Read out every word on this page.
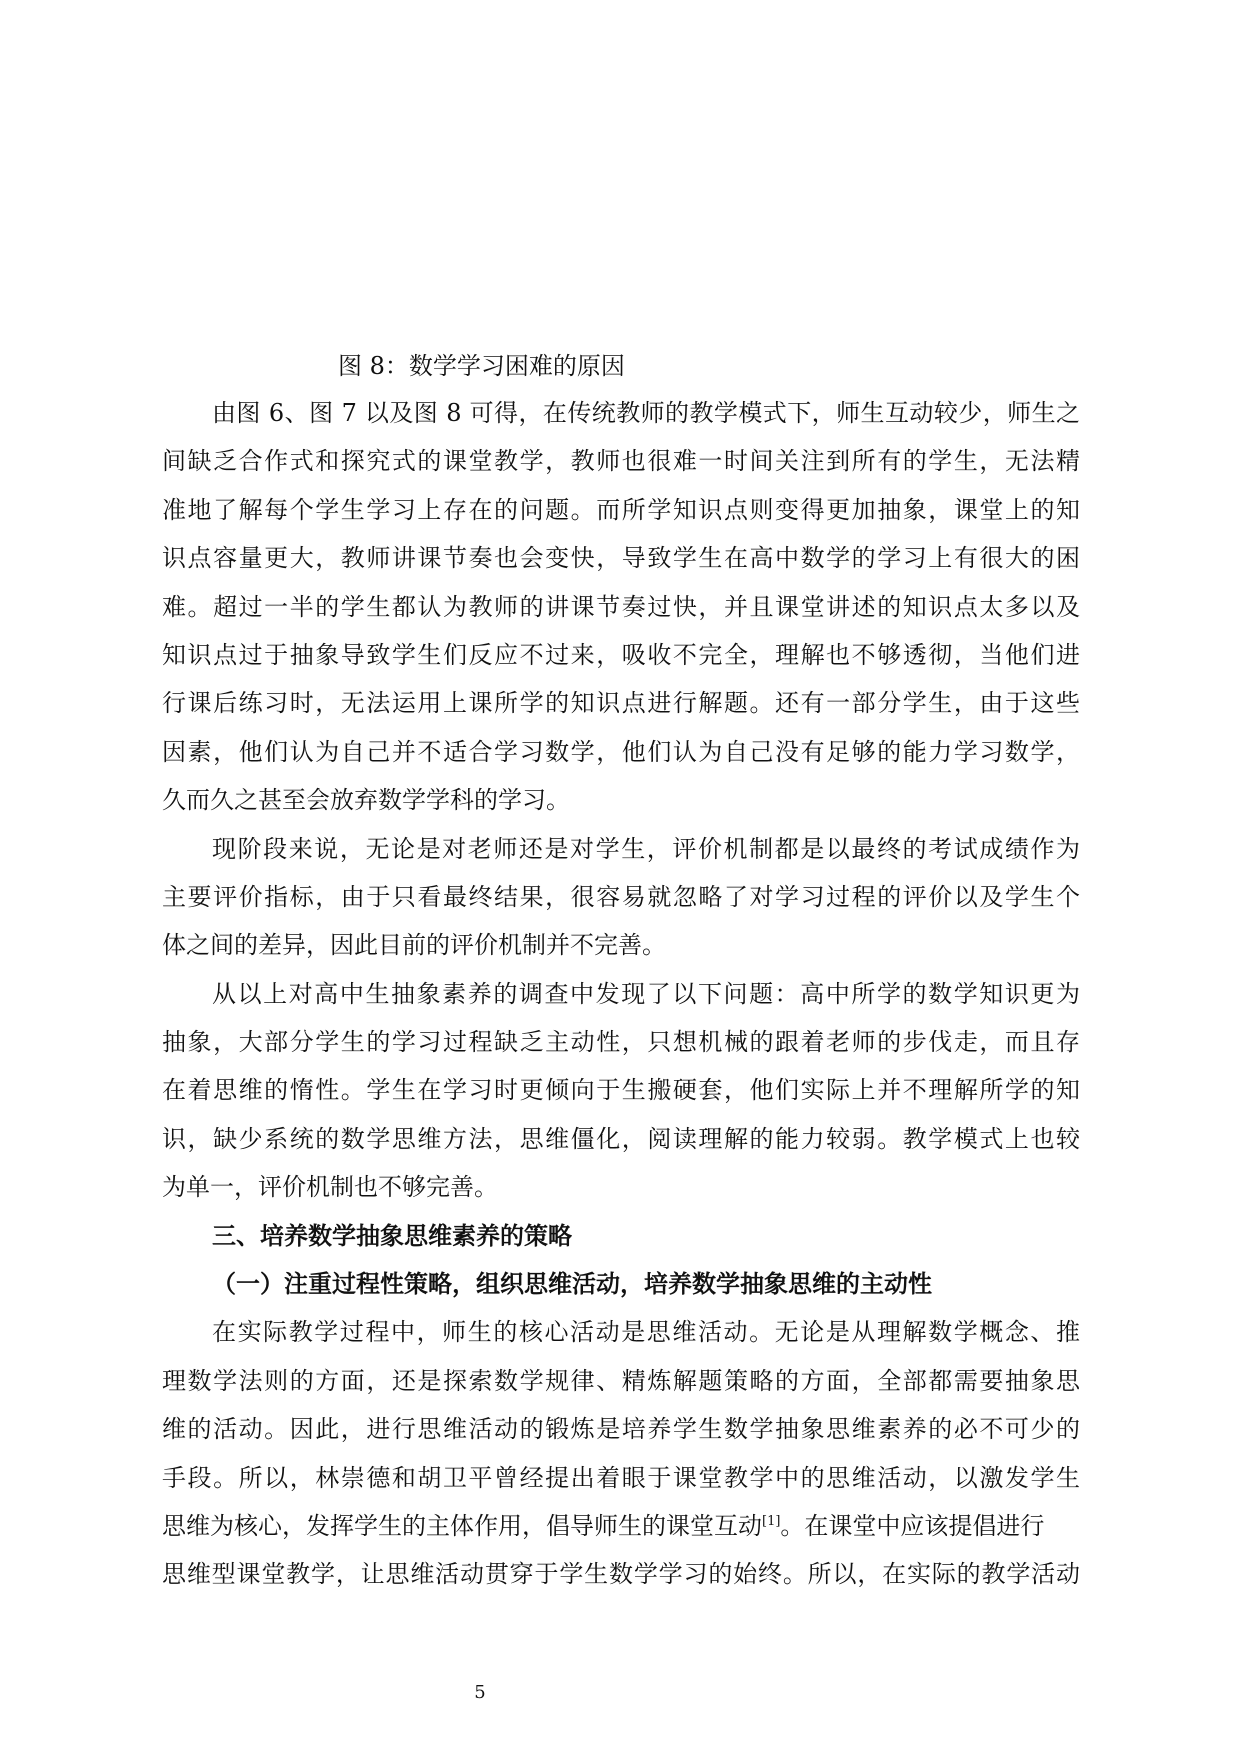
图 8：数学学习困难的原因
由图 6、图 7 以及图 8 可得，在传统教师的教学模式下，师生互动较少，师生之
间缺乏合作式和探究式的课堂教学，教师也很难一时间关注到所有的学生，无法精
准地了解每个学生学习上存在的问题。而所学知识点则变得更加抽象，课堂上的知
识点容量更大，教师讲课节奏也会变快，导致学生在高中数学的学习上有很大的困
难。超过一半的学生都认为教师的讲课节奏过快，并且课堂讲述的知识点太多以及
知识点过于抽象导致学生们反应不过来，吸收不完全，理解也不够透彻，当他们进
行课后练习时，无法运用上课所学的知识点进行解题。还有一部分学生，由于这些
因素，他们认为自己并不适合学习数学，他们认为自己没有足够的能力学习数学，
久而久之甚至会放弃数学学科的学习。
现阶段来说，无论是对老师还是对学生，评价机制都是以最终的考试成绩作为
主要评价指标，由于只看最终结果，很容易就忽略了对学习过程的评价以及学生个
体之间的差异，因此目前的评价机制并不完善。
从以上对高中生抽象素养的调查中发现了以下问题：高中所学的数学知识更为
抽象，大部分学生的学习过程缺乏主动性，只想机械的跟着老师的步伐走，而且存
在着思维的惰性。学生在学习时更倾向于生搬硬套，他们实际上并不理解所学的知
识，缺少系统的数学思维方法，思维僵化，阅读理解的能力较弱。教学模式上也较
为单一，评价机制也不够完善。
三、培养数学抽象思维素养的策略
（一）注重过程性策略，组织思维活动，培养数学抽象思维的主动性
在实际教学过程中，师生的核心活动是思维活动。无论是从理解数学概念、推
理数学法则的方面，还是探索数学规律、精炼解题策略的方面，全部都需要抽象思
维的活动。因此，进行思维活动的锻炼是培养学生数学抽象思维素养的必不可少的
手段。所以，林崇德和胡卫平曾经提出着眼于课堂教学中的思维活动，以激发学生
思维为核心，发挥学生的主体作用，倡导师生的课堂互动[1]。在课堂中应该提倡进行
思维型课堂教学，让思维活动贯穿于学生数学学习的始终。所以，在实际的教学活动
5
